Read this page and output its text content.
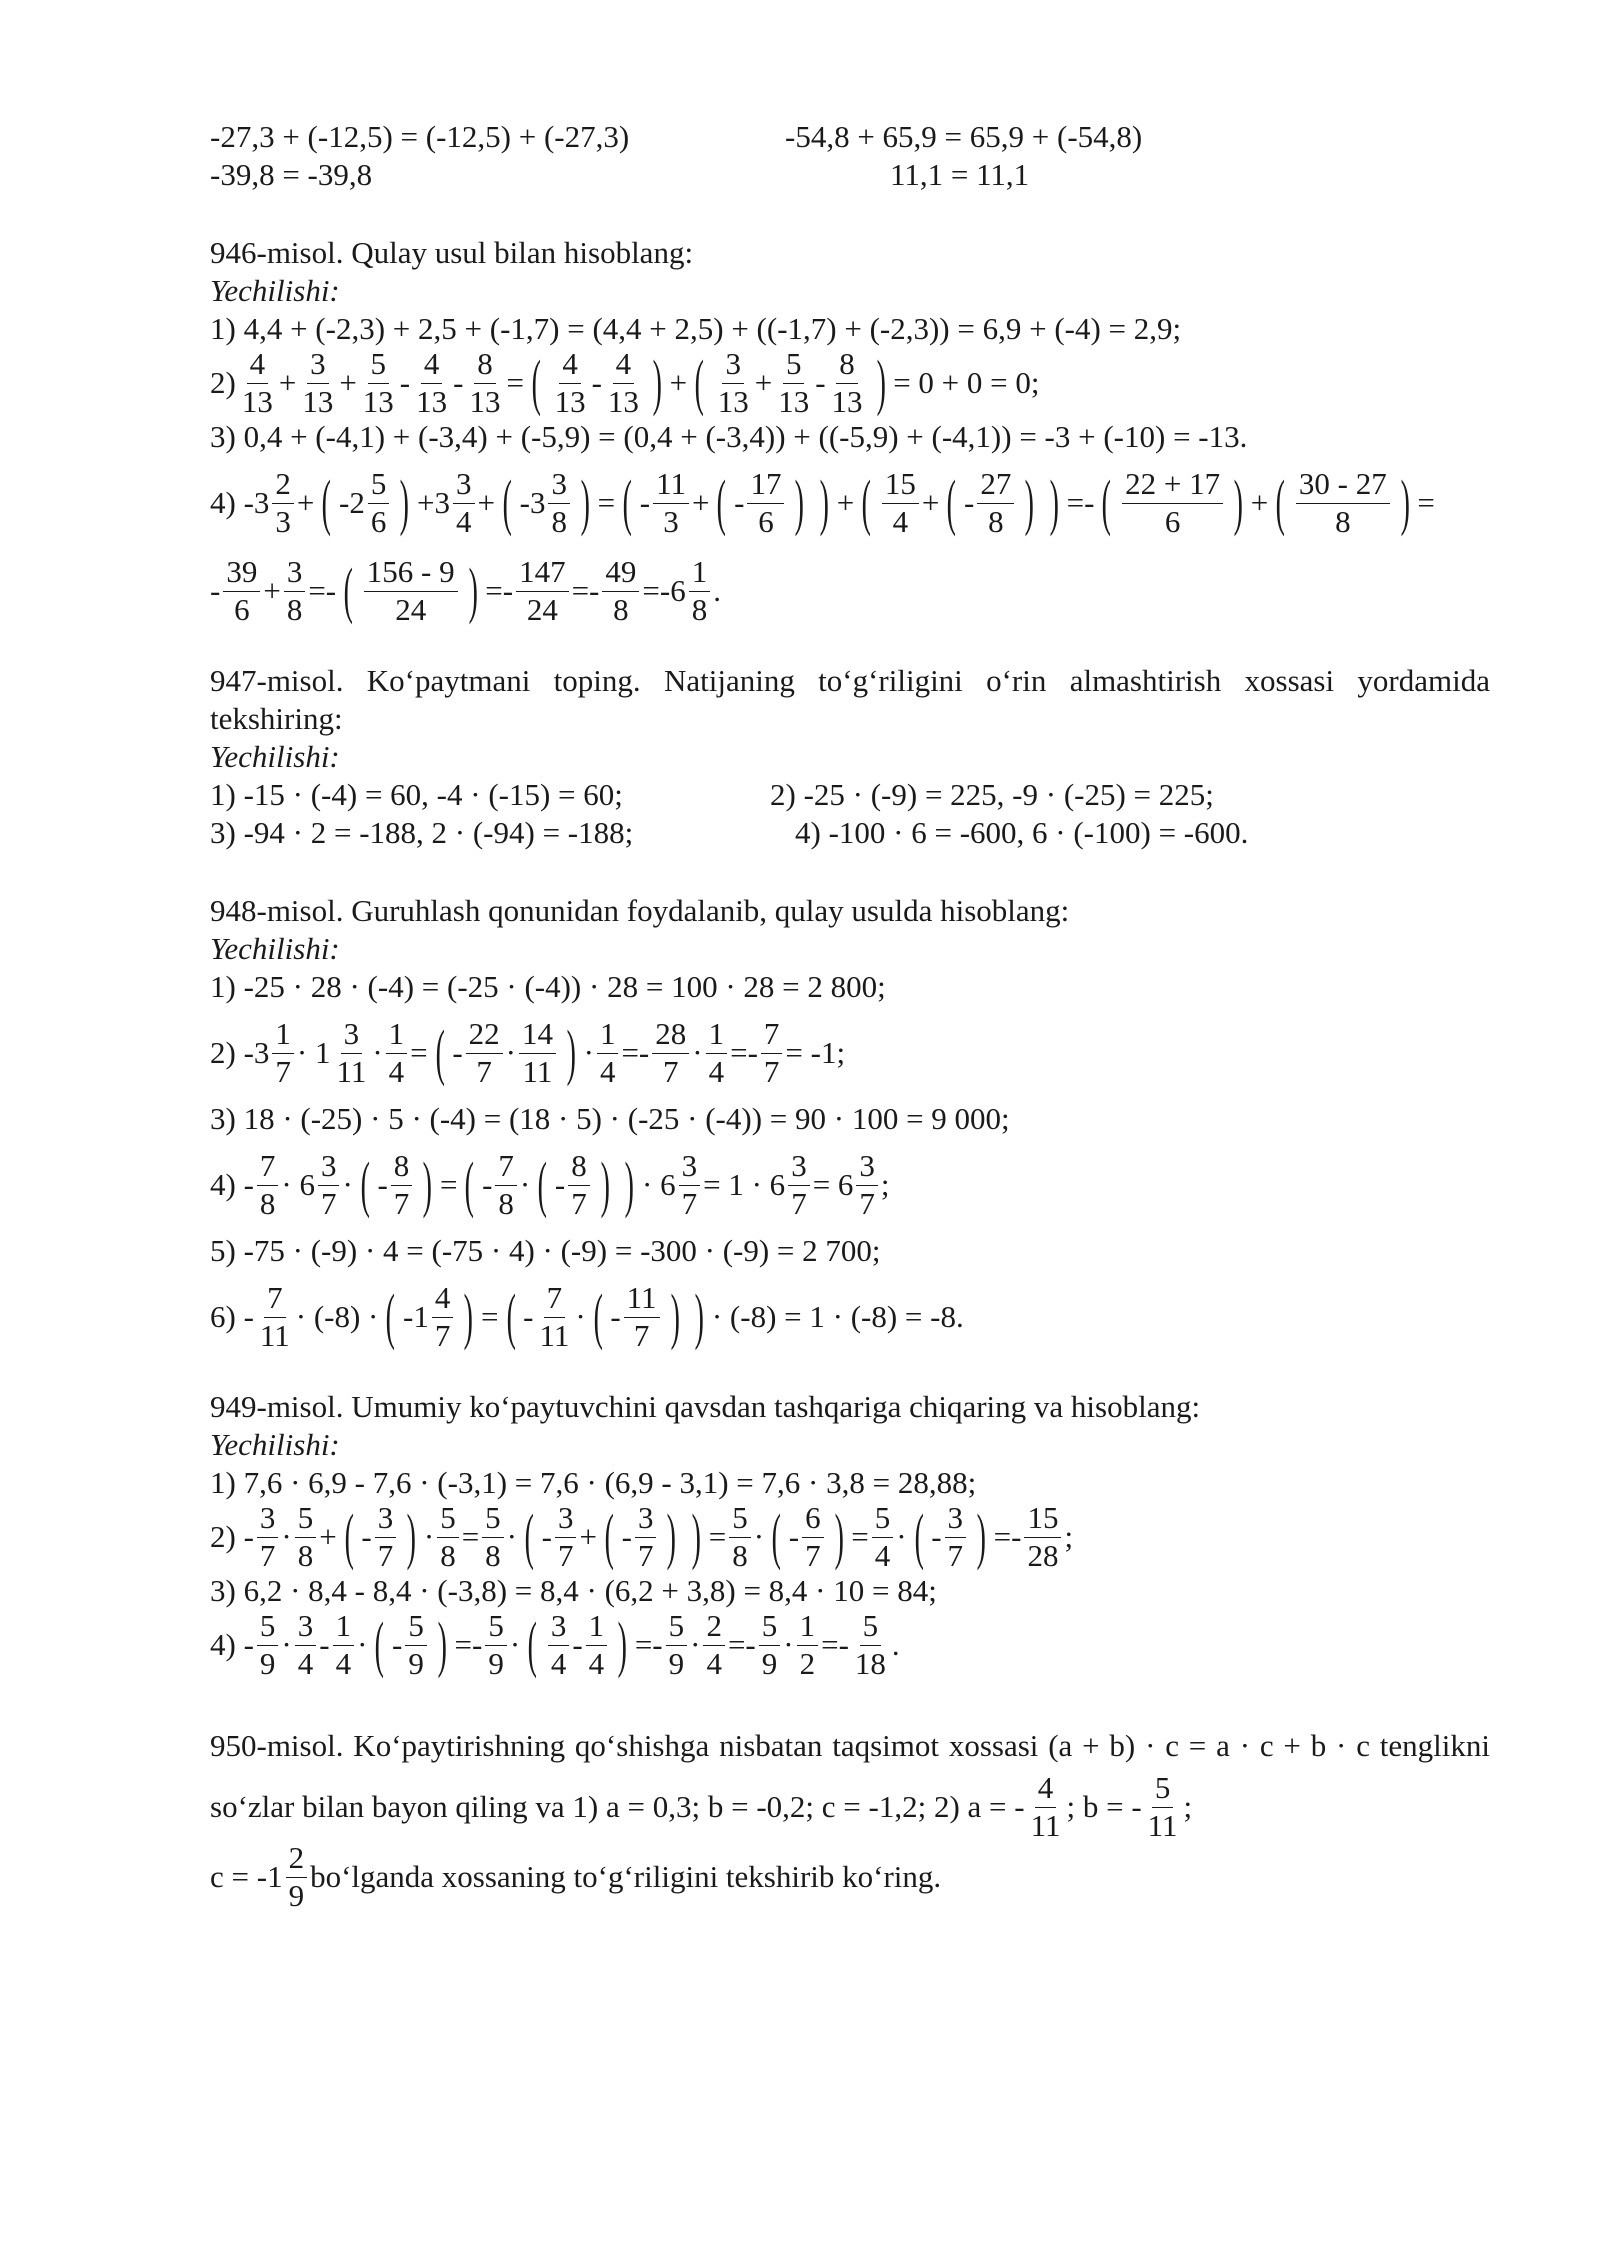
-27,3 + (-12,5) = (-12,5) + (-27,3)	-54,8 + 65,9 = 65,9 + (-54,8)
-39,8 = -39,8	11,1 = 11,1
946-misol. Qulay usul bilan hisoblang:
Yechilishi:
1) 4,4 + (-2,3) + 2,5 + (-1,7) = (4,4 + 2,5) + ((-1,7) + (-2,3)) = 6,9 + (-4) = 2,9;
$2) \frac{4}{13} + \frac{3}{13} + \frac{5}{13} - \frac{4}{13} - \frac{8}{13}$ = ( $\frac{4}{13} - \frac{4}{13}$ ) + ( $\frac{3}{13} + \frac{5}{13} - \frac{8}{13}$ ) = 0 + 0 = 0;
3) 0,4 + (-4,1) + (-3,4) + (-5,9) = (0,4 + (-3,4)) + ((-5,9) + (-4,1)) = -3 + (-10) = -13.
4) $-3 \frac{2}{3}$ + ( $-2 \frac{5}{6}$ ) $+3 \frac{3}{4}$ + ( $-3 \frac{3}{8}$ ) = ( - $\frac{11}{3}$ + ( - $\frac{17}{6}$ ) ) + ( $\frac{15}{4}$ + ( - $\frac{27}{8}$ ) ) =- ( $\frac{22 + 17}{6}$ ) + ( $\frac{30 - 27}{8}$ ) =
- $\frac{39}{6} + \frac{3}{8}$ =- ( $\frac{156 - 9}{24}$ ) =- $\frac{147}{24} =- \frac{49}{8} =-6 \frac{1}{8}$ .
947-misol. Ko‘paytmani toping. Natijaning to‘g‘riligini o‘rin almashtirish xossasi yordamida tekshiring:
Yechilishi:
1) -15 · (-4) = 60, -4 · (-15) = 60;	2) -25 · (-9) = 225, -9 · (-25) = 225;
3) -94 · 2 = -188, 2 · (-94) = -188;	4) -100 · 6 = -600, 6 · (-100) = -600.
948-misol. Guruhlash qonunidan foydalanib, qulay usulda hisoblang:
Yechilishi:
1) -25 · 28 · (-4) = (-25 · (-4)) · 28 = 100 · 28 = 2 800;
2) $-3 \frac{1}{7} \cdot 1 \frac{3}{11} \cdot \frac{1}{4}$ = ( - $\frac{22}{7} \cdot \frac{14}{11}$ ) · $\frac{1}{4} =- \frac{28}{7} \cdot \frac{1}{4} =- \frac{7}{7} = -1$;
3) 18 · (-25) · 5 · (-4) = (18 · 5) · (-25 · (-4)) = 90 · 100 = 9 000;
$4) - \frac{7}{8} \cdot 6 \frac{3}{7}$ · ( - $\frac{8}{7}$ ) = ( - $\frac{7}{8}$ · ( - $\frac{8}{7}$ ) ) · $6 \frac{3}{7} = 1 \cdot 6 \frac{3}{7} = 6 \frac{3}{7}$ ;
5) -75 · (-9) · 4 = (-75 · 4) · (-9) = -300 · (-9) = 2 700;
$6) - \frac{7}{11} \cdot (-8)$ · ( $-1 \frac{4}{7}$ ) = ( - $\frac{7}{11}$ · ( - $\frac{11}{7}$ ) ) · (-8) = 1 · (-8) = -8.
949-misol. Umumiy ko‘paytuvchini qavsdan tashqariga chiqaring va hisoblang:
Yechilishi:
1) 7,6 · 6,9 - 7,6 · (-3,1) = 7,6 · (6,9 - 3,1) = 7,6 · 3,8 = 28,88;
$2) - \frac{3}{7} \cdot \frac{5}{8}$ + ( - $\frac{3}{7}$ ) · $\frac{5}{8} = \frac{5}{8}$ · ( - $\frac{3}{7}$ + ( - $\frac{3}{7}$ ) ) = $\frac{5}{8}$ · ( - $\frac{6}{7}$ ) = $\frac{5}{4}$ · ( - $\frac{3}{7}$ ) =- $\frac{15}{28}$ ;
3) 6,2 · 8,4 - 8,4 · (-3,8) = 8,4 · (6,2 + 3,8) = 8,4 · 10 = 84;
$4) - \frac{5}{9} \cdot \frac{3}{4} - \frac{1}{4}$ · ( - $\frac{5}{9}$ ) =- $\frac{5}{9}$ · ( $\frac{3}{4} - \frac{1}{4}$ ) =- $\frac{5}{9} \cdot \frac{2}{4} =- \frac{5}{9} \cdot \frac{1}{2} =- \frac{5}{18}$ .
950-misol. Ko‘paytirishning qo‘shishga nisbatan taqsimot xossasi (a + b) · c = a · c + b · c tenglikni
so‘zlar bilan bayon qiling va 1) a = 0,3; b = -0,2; c = -1,2; 2) a = - $\frac{4}{11}$ ; b = - $\frac{5}{11}$ ;
$c = -1 \frac{2}{9}$ bo‘lganda xossaning to‘g‘riligini tekshirib ko‘ring.
